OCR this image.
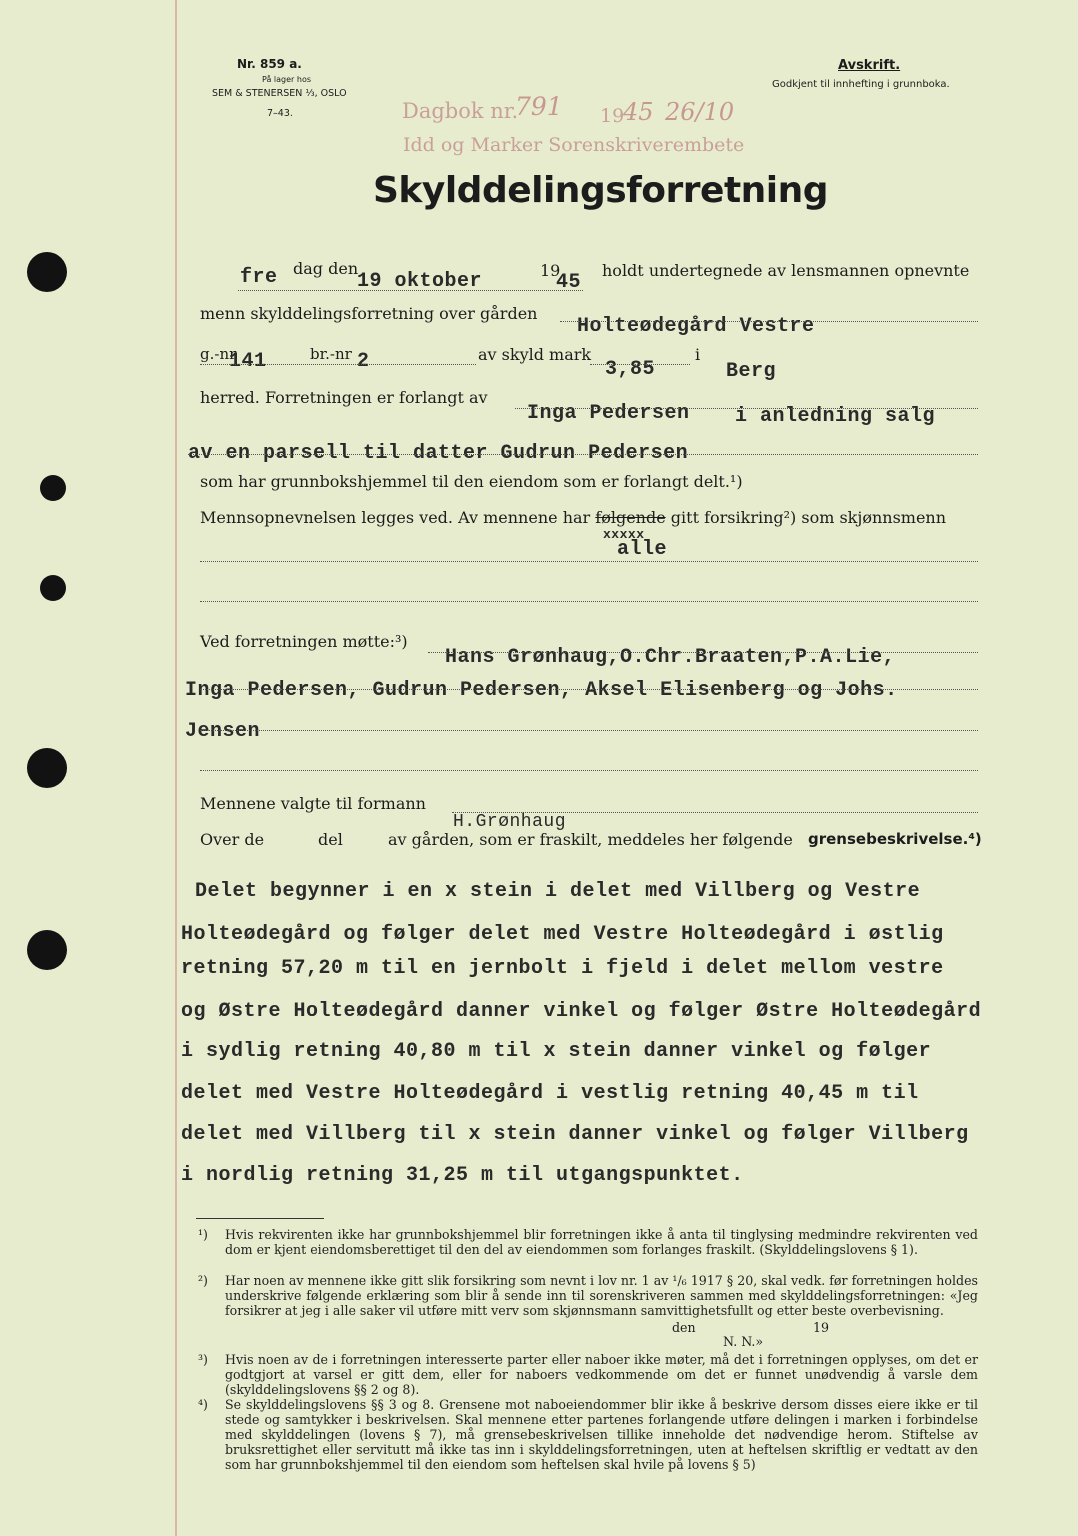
Nr. 859 a.
På lager hos
SEM & STENERSEN ⅓, OSLO
7–43.
Avskrift.
Godkjent til innhefting i grunnboka.
Dagbok nr.
791 19
45 26/10
Idd og Marker Sorenskriverembete
Skylddelingsforretning
fre dag den
19 oktober	19
45
holdt undertegnede av lensmannen opnevnte
menn skylddelingsforretning over gården
Holteødegård Vestre
g.-nr
141	br.-nr 2	av skyld mark
3,85
i
Berg
herred. Forretningen er forlangt av
Inga Pedersen i anledning salg
av en parsell til datter Gudrun Pedersen
som har grunnbokshjemmel til den eiendom som er forlangt delt.¹)
Mennsopnevnelsen legges ved. Av mennene har følgende gitt forsikring²) som skjønnsmenn
xxxxx
alle
Ved forretningen møtte:³)
Hans Grønhaug,O.Chr.Braaten,P.A.Lie,
Inga Pedersen, Gudrun Pedersen, Aksel Elisenberg og Johs.
Jensen
Mennene valgte til formann
H.Grønhaug
Over de	del	av gården, som er fraskilt, meddeles her følgende grensebeskrivelse.⁴)
Delet begynner i en x stein i delet med Villberg og Vestre
Holteødegård og følger delet med Vestre Holteødegård i østlig
retning 57,20 m til en jernbolt i fjeld i delet mellom vestre
og Østre Holteødegård danner vinkel og følger Østre Holteødegård
i sydlig retning 40,80 m til x stein danner vinkel og følger
delet med Vestre Holteødegård i vestlig retning 40,45 m til
delet med Villberg til x stein danner vinkel og følger Villberg
i nordlig retning 31,25 m til utgangspunktet.
¹) Hvis rekvirenten ikke har grunnbokshjemmel blir forretningen ikke å anta til tinglysing medmindre rekvirenten ved dom er kjent eiendomsberettiget til den del av eiendommen som forlanges fraskilt. (Skylddelingslovens § 1).
²) Har noen av mennene ikke gitt slik forsikring som nevnt i lov nr. 1 av ¹/₆ 1917 § 20, skal vedk. før forretningen holdes underskrive følgende erklæring som blir å sende inn til sorenskriveren sammen med skylddelingsforretningen: «Jeg forsikrer at jeg i alle saker vil utføre mitt verv som skjønnsmann samvittighetsfullt og etter beste overbevisning.
den	19
N. N.»
³) Hvis noen av de i forretningen interesserte parter eller naboer ikke møter, må det i forretningen opplyses, om det er godtgjort at varsel er gitt dem, eller for naboers vedkommende om det er funnet unødvendig å varsle dem (skylddelingslovens §§ 2 og 8).
⁴) Se skylddelingslovens §§ 3 og 8. Grensene mot naboeiendommer blir ikke å beskrive dersom disses eiere ikke er til stede og samtykker i beskrivelsen. Skal mennene etter partenes forlangende utføre delingen i marken i forbindelse med skylddelingen (lovens § 7), må grensebeskrivelsen tillike inneholde det nødvendige herom. Stiftelse av bruksrettighet eller servitutt må ikke tas inn i skylddelingsforretningen, uten at heftelsen skriftlig er vedtatt av den som har grunnbokshjemmel til den eiendom som heftelsen skal hvile på lovens § 5)
